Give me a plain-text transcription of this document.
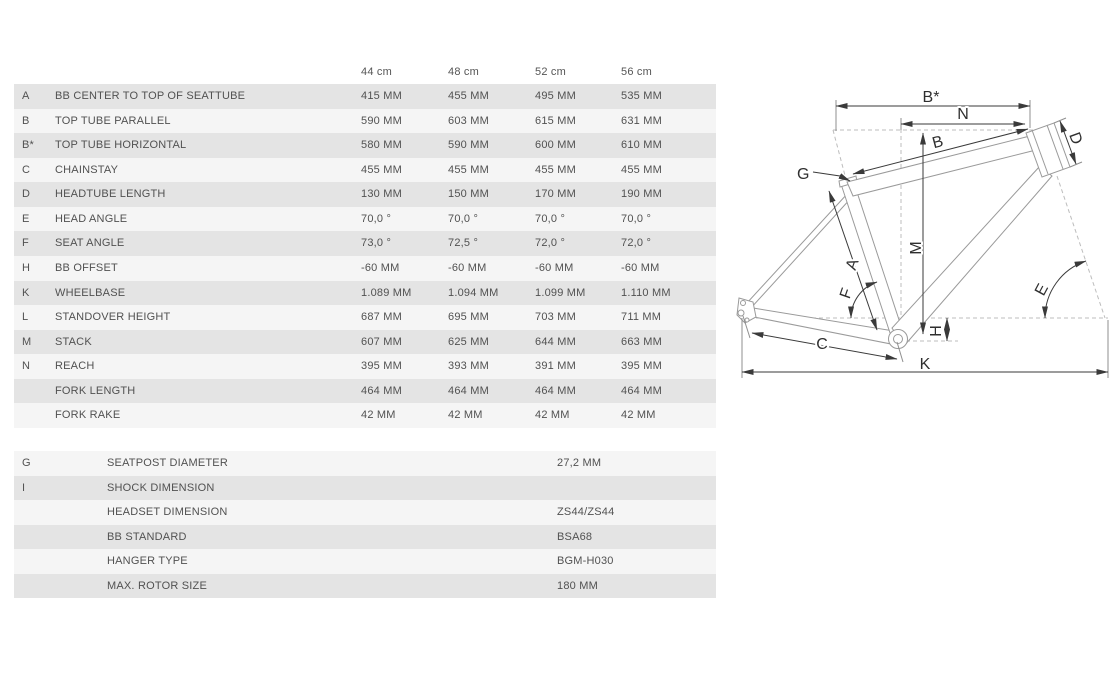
44 cm	48 cm	52 cm	56 cm
A	BB CENTER TO TOP OF SEATTUBE	415 MM	455 MM	495 MM	535 MM
B	TOP TUBE PARALLEL	590 MM	603 MM	615 MM	631 MM
B*	TOP TUBE HORIZONTAL	580 MM	590 MM	600 MM	610 MM
C	CHAINSTAY	455 MM	455 MM	455 MM	455 MM
D	HEADTUBE LENGTH	130 MM	150 MM	170 MM	190 MM
E	HEAD ANGLE	70,0 °	70,0 °	70,0 °	70,0 °
F	SEAT ANGLE	73,0 °	72,5 °	72,0 °	72,0 °
H	BB OFFSET	-60 MM	-60 MM	-60 MM	-60 MM
K	WHEELBASE	1.089 MM	1.094 MM	1.099 MM	1.110 MM
L	STANDOVER HEIGHT	687 MM	695 MM	703 MM	711 MM
M	STACK	607 MM	625 MM	644 MM	663 MM
N	REACH	395 MM	393 MM	391 MM	395 MM
FORK LENGTH	464 MM	464 MM	464 MM	464 MM
FORK RAKE	42 MM	42 MM	42 MM	42 MM
G	SEATPOST DIAMETER	27,2 MM
I	SHOCK DIMENSION
HEADSET DIMENSION	ZS44/ZS44
BB STANDARD	BSA68
HANGER TYPE	BGM-H030
MAX. ROTOR SIZE	180 MM
B*
N
B	D
G
M
A
F	E
H
C
K
